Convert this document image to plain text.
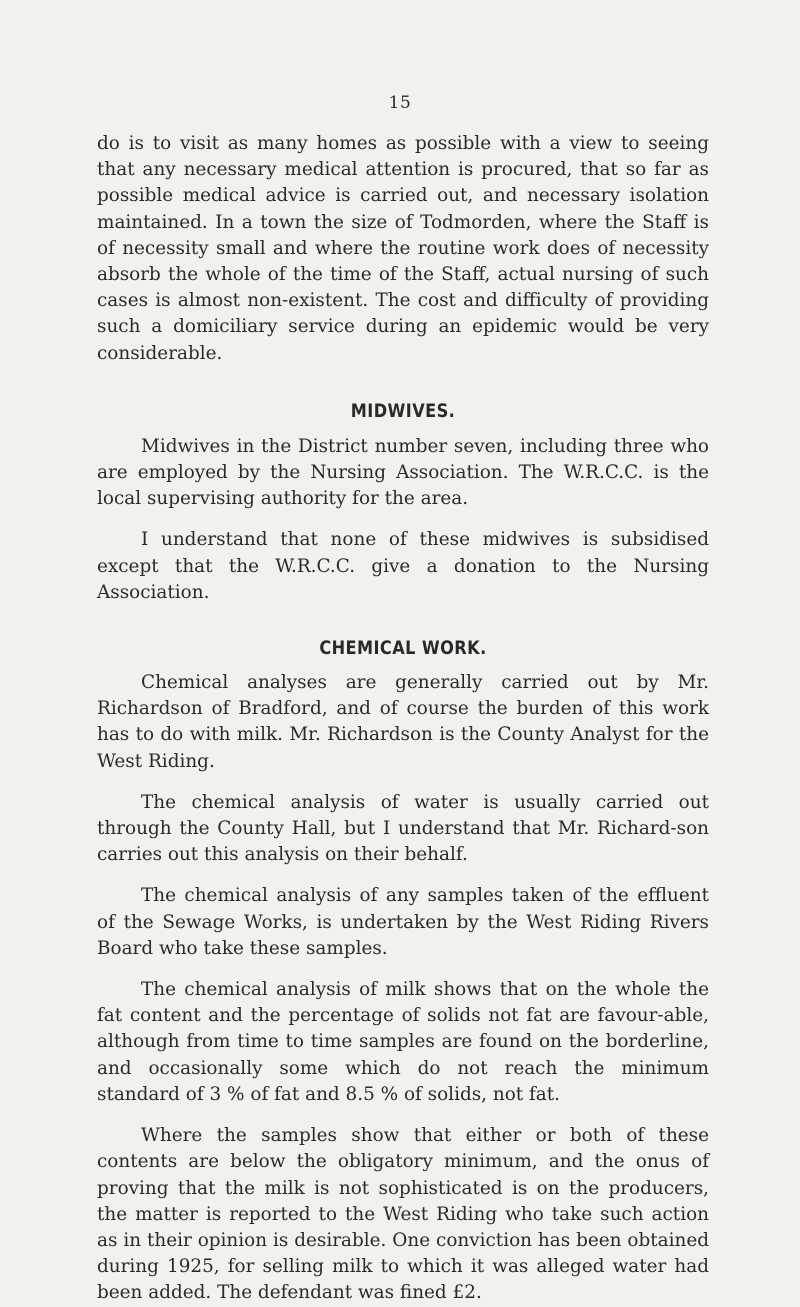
15

do is to visit as many homes as possible with a view to seeing that any necessary medical attention is procured, that so far as possible medical advice is carried out, and necessary isolation maintained. In a town the size of Todmorden, where the Staff is of necessity small and where the routine work does of necessity absorb the whole of the time of the Staff, actual nursing of such cases is almost non-existent. The cost and difficulty of providing such a domiciliary service during an epidemic would be very considerable.

MIDWIVES.

Midwives in the District number seven, including three who are employed by the Nursing Association. The W.R.C.C. is the local supervising authority for the area.

I understand that none of these midwives is subsidised except that the W.R.C.C. give a donation to the Nursing Association.

CHEMICAL WORK.

Chemical analyses are generally carried out by Mr. Richardson of Bradford, and of course the burden of this work has to do with milk. Mr. Richardson is the County Analyst for the West Riding.

The chemical analysis of water is usually carried out through the County Hall, but I understand that Mr. Richard-son carries out this analysis on their behalf.

The chemical analysis of any samples taken of the effluent of the Sewage Works, is undertaken by the West Riding Rivers Board who take these samples.

The chemical analysis of milk shows that on the whole the fat content and the percentage of solids not fat are favour-able, although from time to time samples are found on the borderline, and occasionally some which do not reach the minimum standard of 3 % of fat and 8.5 % of solids, not fat.

Where the samples show that either or both of these contents are below the obligatory minimum, and the onus of proving that the milk is not sophisticated is on the producers, the matter is reported to the West Riding who take such action as in their opinion is desirable. One conviction has been obtained during 1925, for selling milk to which it was alleged water had been added. The defendant was fined £2.
